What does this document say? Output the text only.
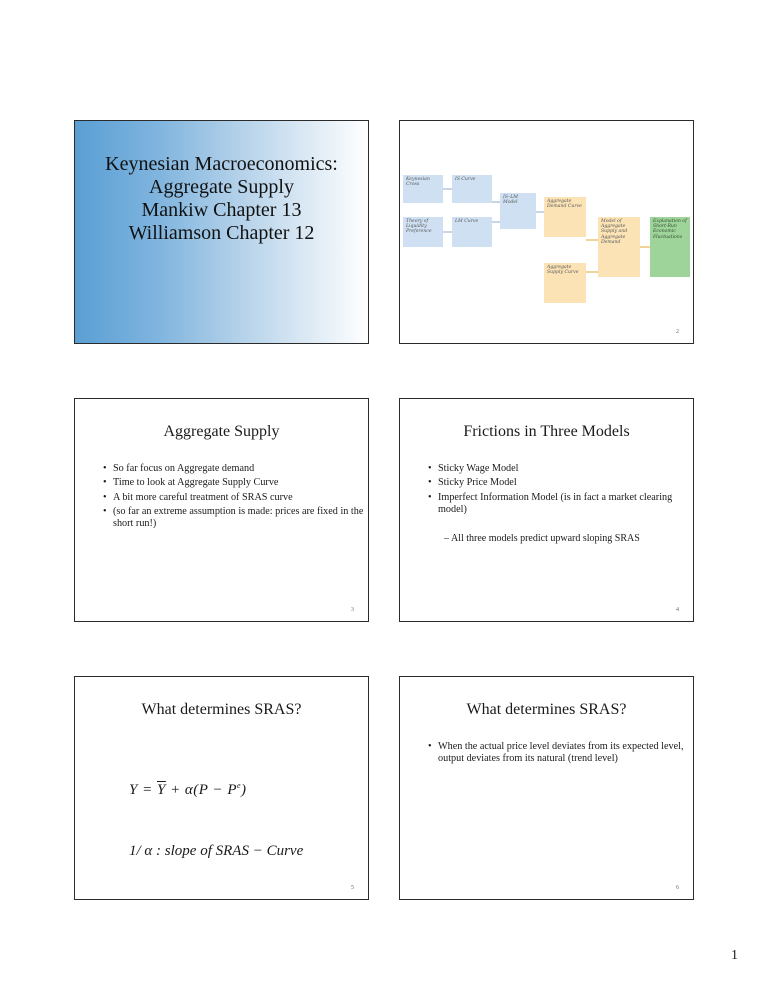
Keynesian Macroeconomics:
Aggregate Supply
Mankiw Chapter 13
Williamson Chapter 12
Keynesian Cross
IS Curve
Theory of Liquidity Preference
LM Curve
IS–LM Model	Aggregate Demand Curve
Aggregate Supply Curve
Model of Aggregate Supply and Aggregate Demand
Explanation of Short-Run Economic Fluctuations
2
Aggregate Supply
• So far focus on Aggregate demand
• Time to look at Aggregate Supply Curve
• A bit more careful treatment of SRAS curve
• (so far an extreme assumption is made: prices are fixed in the short run!)
3
Frictions in Three Models
• Sticky Wage Model
• Sticky Price Model
• Imperfect Information Model (is in fact a market clearing model)
– All three models predict upward sloping SRAS
4
What determines SRAS?
$Y = \overline{Y} + \alpha(P - P^e)$
1/ α : slope of SRAS − Curve
5
What determines SRAS?
• When the actual price level deviates from its expected level, output deviates from its natural (trend level)
6
1
